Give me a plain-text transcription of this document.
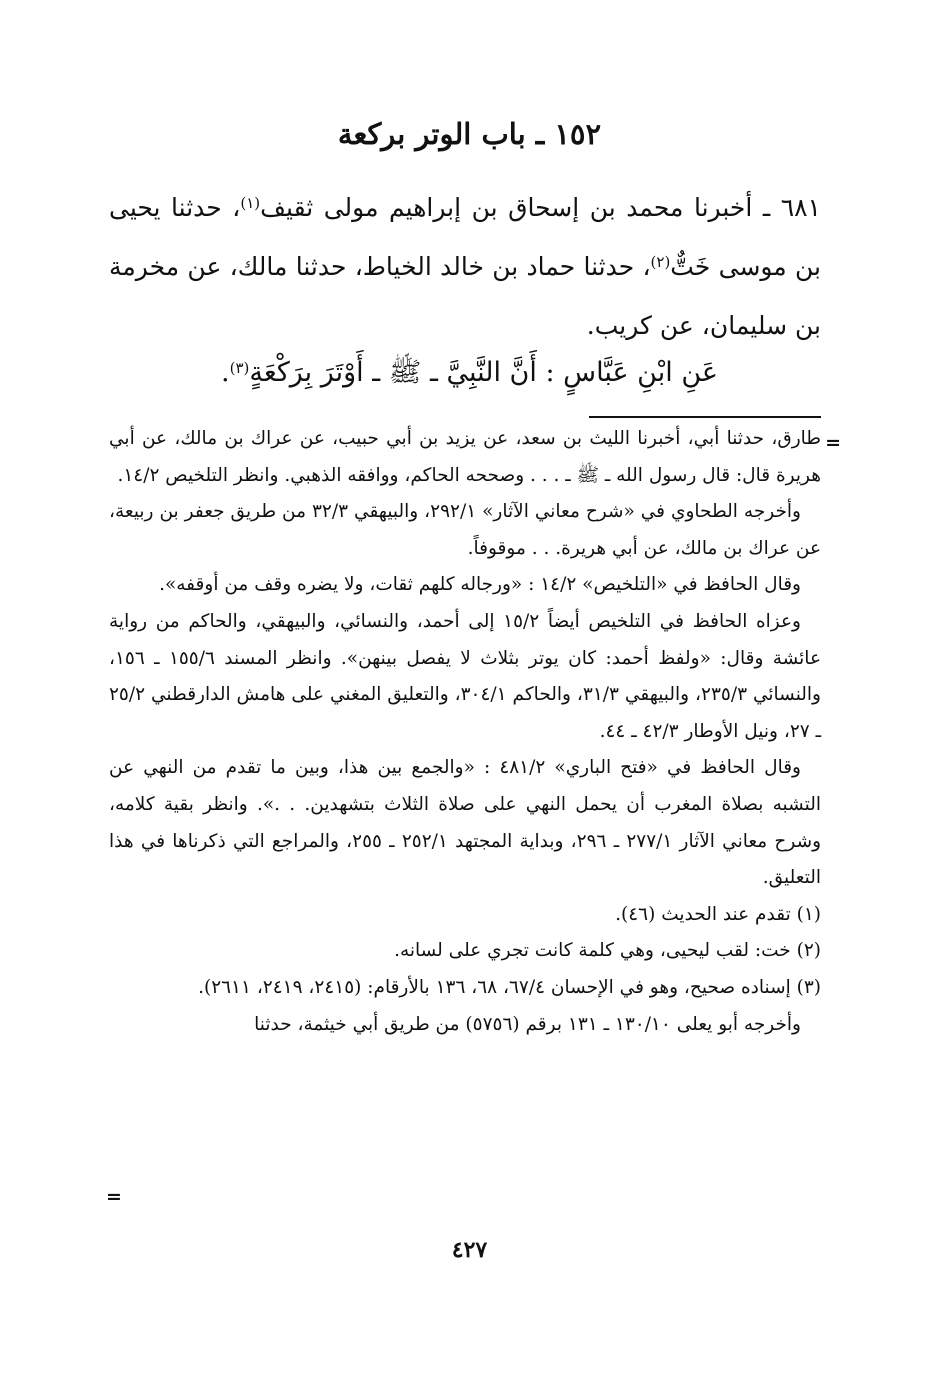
١٥٢ ـ باب الوتر بركعة

٦٨١ ـ أخبرنا محمد بن إسحاق بن إبراهيم مولى ثقيف$^{(١)}$، حدثنا يحيى بن موسى خَتٌّ$^{(٢)}$، حدثنا حماد بن خالد الخياط، حدثنا مالك، عن مخرمة بن سليمان، عن كريب.

عَنِ ابْنِ عَبَّاسٍ : أَنَّ النَّبِيَّ ـ ﷺ ـ أَوْتَرَ بِرَكْعَةٍ$^{(٣)}$.
=

طارق، حدثنا أبي، أخبرنا الليث بن سعد، عن يزيد بن أبي حبيب، عن عراك بن مالك، عن أبي هريرة قال: قال رسول الله ـ ﷺ ـ . . . وصححه الحاكم، ووافقه الذهبي. وانظر التلخيص ١٤/٢.

وأخرجه الطحاوي في «شرح معاني الآثار» ٢٩٢/١، والبيهقي ٣٢/٣ من طريق جعفر بن ربيعة، عن عراك بن مالك، عن أبي هريرة. . . موقوفاً.

وقال الحافظ في «التلخيص» ١٤/٢ : «ورجاله كلهم ثقات، ولا يضره وقف من أوقفه».

وعزاه الحافظ في التلخيص أيضاً ١٥/٢ إلى أحمد، والنسائي، والبيهقي، والحاكم من رواية عائشة وقال: «ولفظ أحمد: كان يوتر بثلاث لا يفصل بينهن». وانظر المسند ١٥٥/٦ ـ ١٥٦، والنسائي ٢٣٥/٣، والبيهقي ٣١/٣، والحاكم ٣٠٤/١، والتعليق المغني على هامش الدارقطني ٢٥/٢ ـ ٢٧، ونيل الأوطار ٤٢/٣ ـ ٤٤.

وقال الحافظ في «فتح الباري» ٤٨١/٢ : «والجمع بين هذا، وبين ما تقدم من النهي عن التشبه بصلاة المغرب أن يحمل النهي على صلاة الثلاث بتشهدين. . .». وانظر بقية كلامه، وشرح معاني الآثار ٢٧٧/١ ـ ٢٩٦، وبداية المجتهد ٢٥٢/١ ـ ٢٥٥، والمراجع التي ذكرناها في هذا التعليق.

(١) تقدم عند الحديث (٤٦).

(٢) خت: لقب ليحيى، وهي كلمة كانت تجري على لسانه.

(٣) إسناده صحيح، وهو في الإحسان ٦٧/٤، ٦٨، ١٣٦ بالأرقام: (٢٤١٥، ٢٤١٩، ٢٦١١).

وأخرجه أبو يعلى ١٣٠/١٠ ـ ١٣١ برقم (٥٧٥٦) من طريق أبي خيثمة، حدثنا

=
٤٢٧
